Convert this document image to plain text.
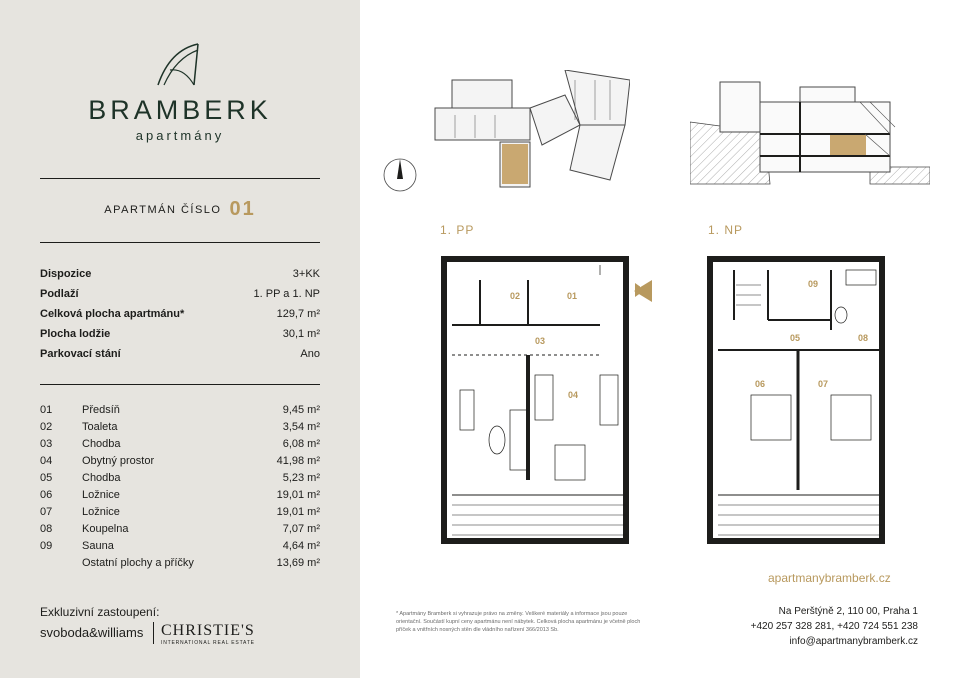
BRAMBERK
apartmány
APARTMÁN ČÍSLO 01
Dispozice	3+KK
Podlaží	1. PP a 1. NP
Celková plocha apartmánu*	129,7 m²
Plocha lodžie	30,1 m²
Parkovací stání	Ano
01	Předsíň	9,45 m²
02	Toaleta	3,54 m²
03	Chodba	6,08 m²
04	Obytný prostor	41,98 m²
05	Chodba	5,23 m²
06	Ložnice	19,01 m²
07	Ložnice	19,01 m²
08	Koupelna	7,07 m²
09	Sauna	4,64 m²
Ostatní plochy a příčky	13,69 m²
Exkluzivní zastoupení:
svoboda&williams CHRISTIE'S
INTERNATIONAL REAL ESTATE
1. PP	1. NP
02	01
03
04
09
05	08
06	07
* Apartmány Bramberk si vyhrazuje právo na změny. Veškeré materiály a informace jsou pouze orientační. Součástí kupní ceny apartmánu není nábytek. Celková plocha apartmánu je včetně ploch příček a vnitřních nosných stěn dle vládního nařízení 366/2013 Sb.
apartmanybramberk.cz
Na Perštýně 2, 110 00, Praha 1
+420 257 328 281, +420 724 551 238
info@apartmanybramberk.cz
